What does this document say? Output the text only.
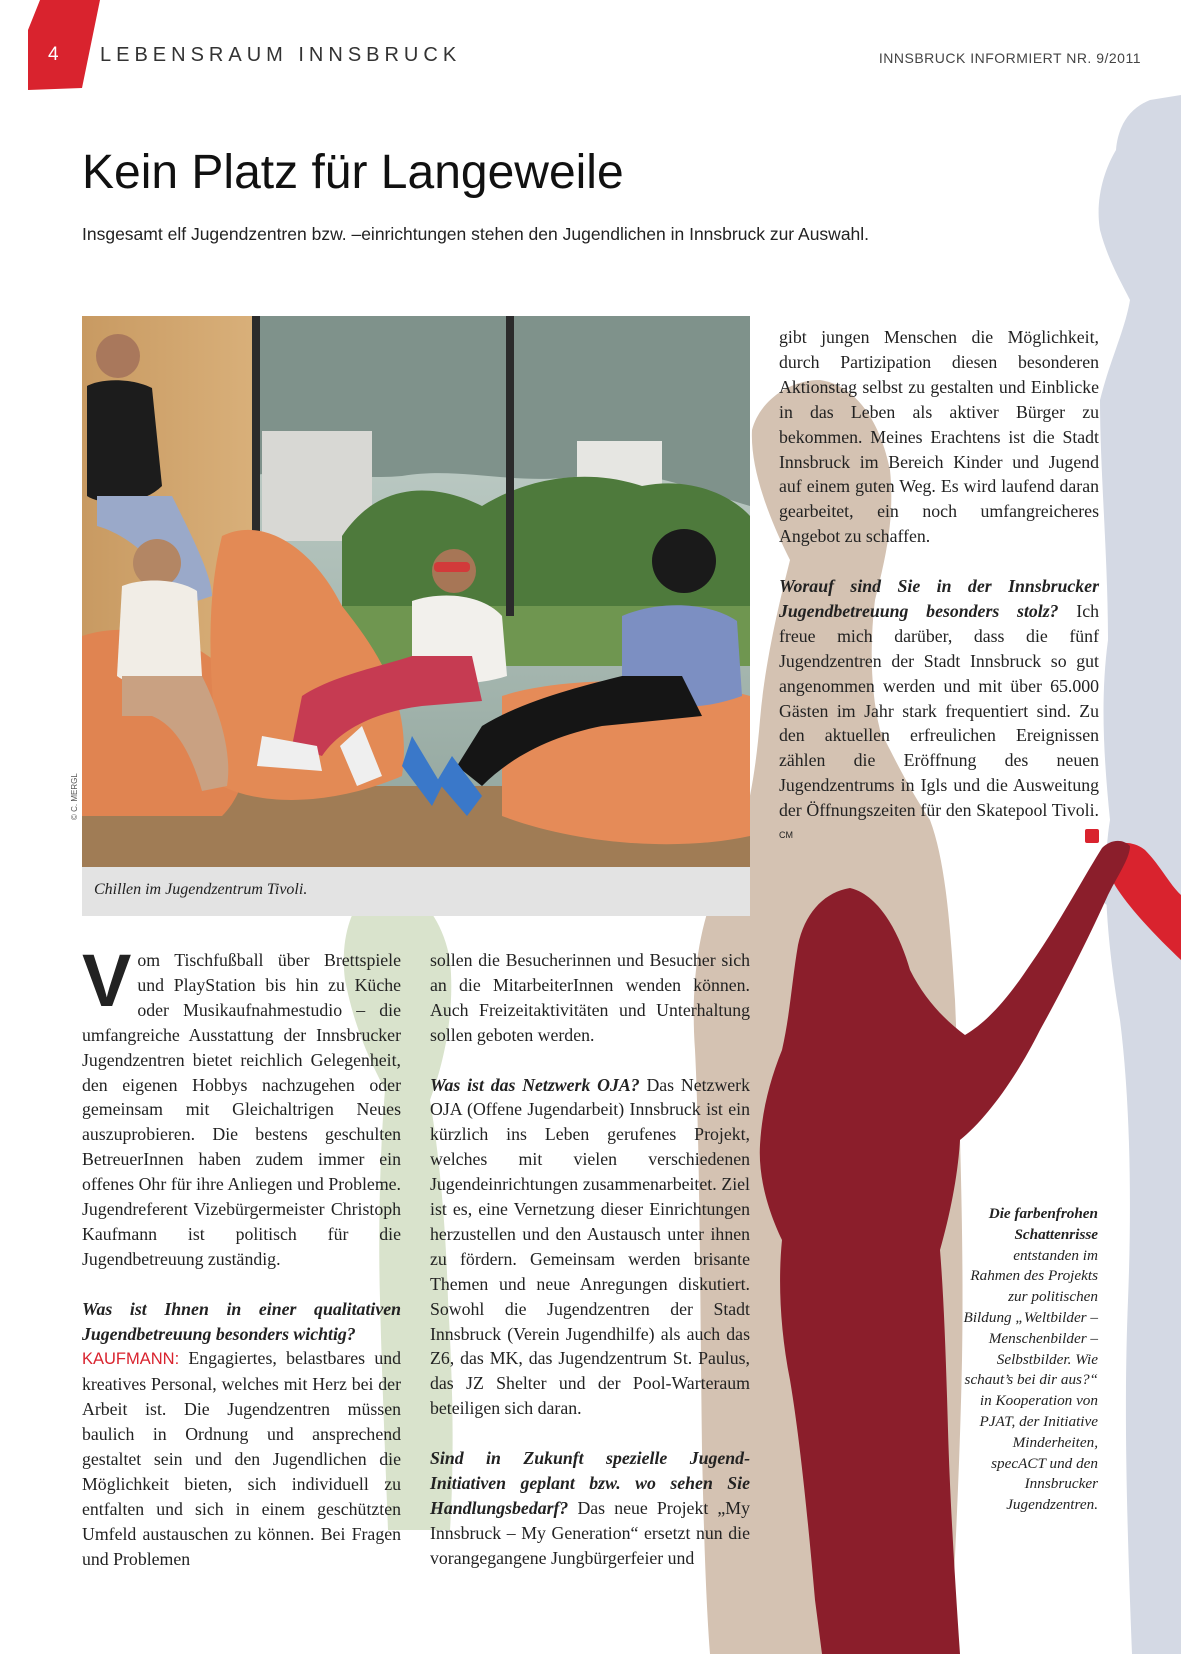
4 LEBENSRAUM INNSBRUCK	INNSBRUCK INFORMIERT NR. 9/2011
Kein Platz für Langeweile

Insgesamt elf Jugendzentren bzw. –einrichtungen stehen den Jugendlichen in Innsbruck zur Auswahl.

© C. MERGL
Chillen im Jugendzentrum Tivoli.

Vom Tischfußball über Brettspiele und PlayStation bis hin zu Küche oder Musikaufnahmestudio – die umfangreiche Ausstattung der Innsbrucker Jugendzentren bietet reichlich Gelegenheit, den eigenen Hobbys nachzugehen oder gemeinsam mit Gleichaltrigen Neues auszuprobieren. Die bestens geschulten BetreuerInnen haben zudem immer ein offenes Ohr für ihre Anliegen und Probleme. Jugendreferent Vizebürgermeister Christoph Kaufmann ist politisch für die Jugendbetreuung zuständig.

Was ist Ihnen in einer qualitativen Jugendbetreuung besonders wichtig?
KAUFMANN: Engagiertes, belastbares und kreatives Personal, welches mit Herz bei der Arbeit ist. Die Jugendzentren müssen baulich in Ordnung und ansprechend gestaltet sein und den Jugendlichen die Möglichkeit bieten, sich individuell zu entfalten und sich in einem geschützten Umfeld austauschen zu können. Bei Fragen und Problemen

sollen die Besucherinnen und Besucher sich an die MitarbeiterInnen wenden können. Auch Freizeitaktivitäten und Unterhaltung sollen geboten werden.

Was ist das Netzwerk OJA? Das Netzwerk OJA (Offene Jugendarbeit) Innsbruck ist ein kürzlich ins Leben gerufenes Projekt, welches mit vielen verschiedenen Jugendeinrichtungen zusammenarbeitet. Ziel ist es, eine Vernetzung dieser Einrichtungen herzustellen und den Austausch unter ihnen zu fördern. Gemeinsam werden brisante Themen und neue Anregungen diskutiert. Sowohl die Jugendzentren der Stadt Innsbruck (Verein Jugendhilfe) als auch das Z6, das MK, das Jugendzentrum St. Paulus, das JZ Shelter und der Pool-Warteraum beteiligen sich daran.

Sind in Zukunft spezielle Jugend-Initiativen geplant bzw. wo sehen Sie Handlungsbedarf? Das neue Projekt „My Innsbruck – My Generation“ ersetzt nun die vorangegangene Jungbürgerfeier und

gibt jungen Menschen die Möglichkeit, durch Partizipation diesen besonderen Aktionstag selbst zu gestalten und Einblicke in das Leben als aktiver Bürger zu bekommen. Meines Erachtens ist die Stadt Innsbruck im Bereich Kinder und Jugend auf einem guten Weg. Es wird laufend daran gearbeitet, ein noch umfangreicheres Angebot zu schaffen.

Worauf sind Sie in der Innsbrucker Jugendbetreuung besonders stolz? Ich freue mich darüber, dass die fünf Jugendzentren der Stadt Innsbruck so gut angenommen werden und mit über 65.000 Gästen im Jahr stark frequentiert sind. Zu den aktuellen erfreulichen Ereignissen zählen die Eröffnung des neuen Jugendzentrums in Igls und die Ausweitung der Öffnungszeiten für den Skatepool Tivoli. $^{CM}$

Die farbenfrohen Schattenrisse entstanden im Rahmen des Projekts zur politischen Bildung „Weltbilder – Menschenbilder – Selbstbilder. Wie schaut’s bei dir aus?“ in Kooperation von PJAT, der Initiative Minderheiten, specACT und den Innsbrucker Jugendzentren.
